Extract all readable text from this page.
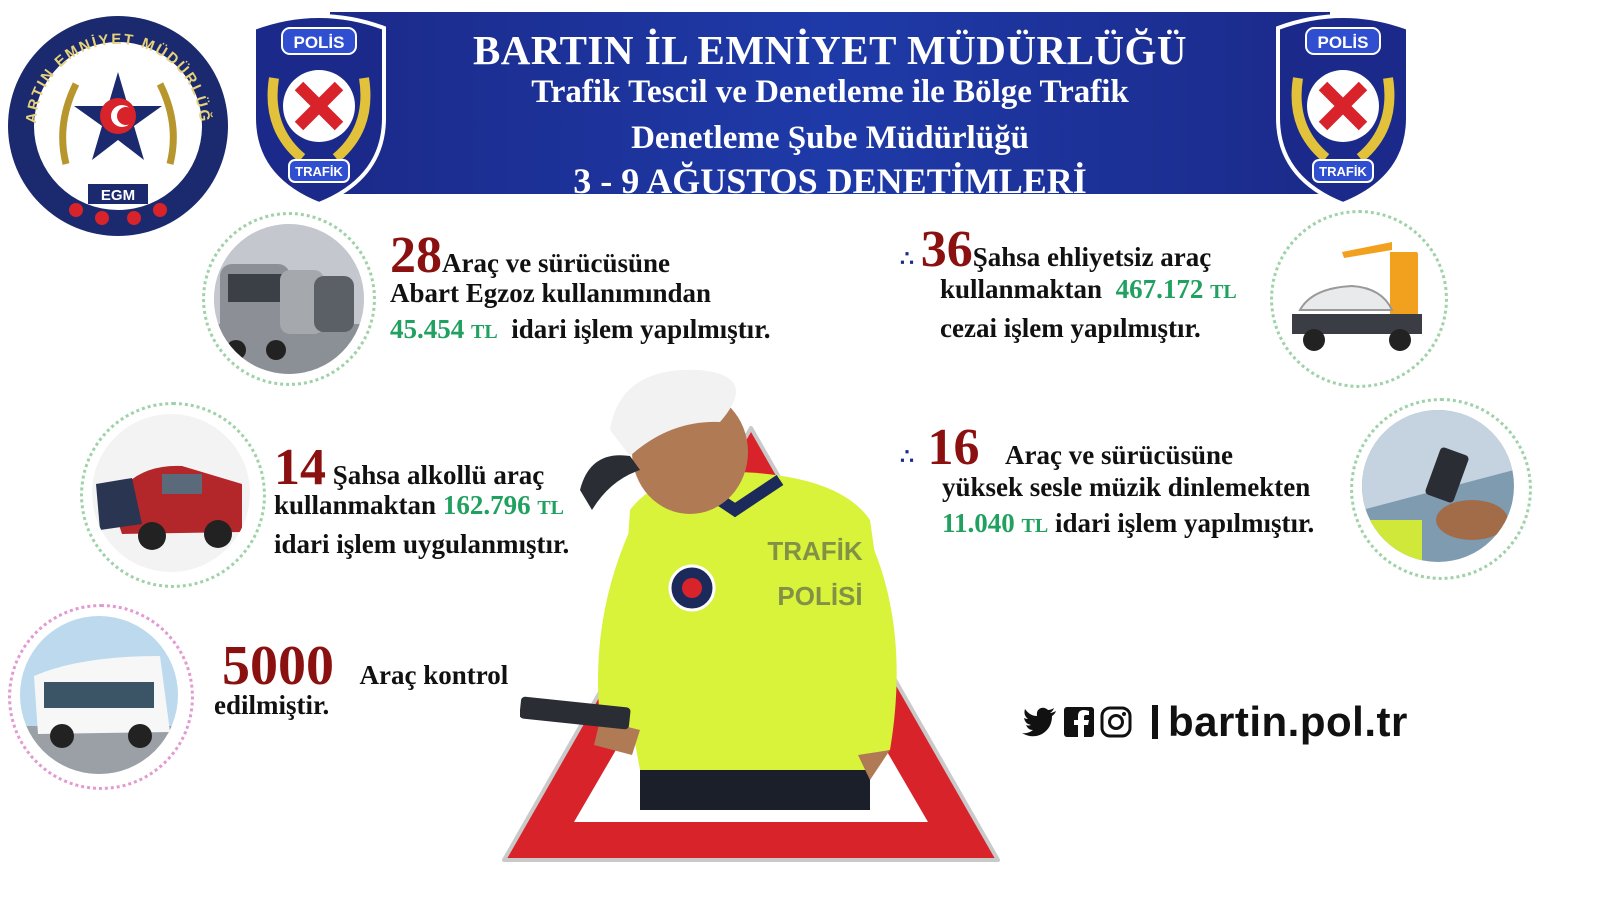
ARTIN EMNİYET MÜDÜRLÜĞ
EGM
BARTIN İL EMNİYET MÜDÜRLÜĞÜ
Trafik Tescil ve Denetleme ile Bölge Trafik
Denetleme Şube Müdürlüğü
3 - 9 AĞUSTOS DENETİMLERİ
POLİS
TRAFİK
POLİS
TRAFİK
TRAFİK
POLİSİ
28Araç ve sürücüsüne
Abart Egzoz kullanımından
45.454 TL idari işlem yapılmıştır.
∴ 36Şahsa ehliyetsiz araç
kullanmaktan 467.172 TL
cezai işlem yapılmıştır.
14 Şahsa alkollü araç
kullanmaktan 162.796 TL
idari işlem uygulanmıştır.
∴ 16 Araç ve sürücüsüne
yüksek sesle müzik dinlemekten
11.040 TL idari işlem yapılmıştır.
5000 Araç kontrol
edilmiştir.	bartin.pol.tr
